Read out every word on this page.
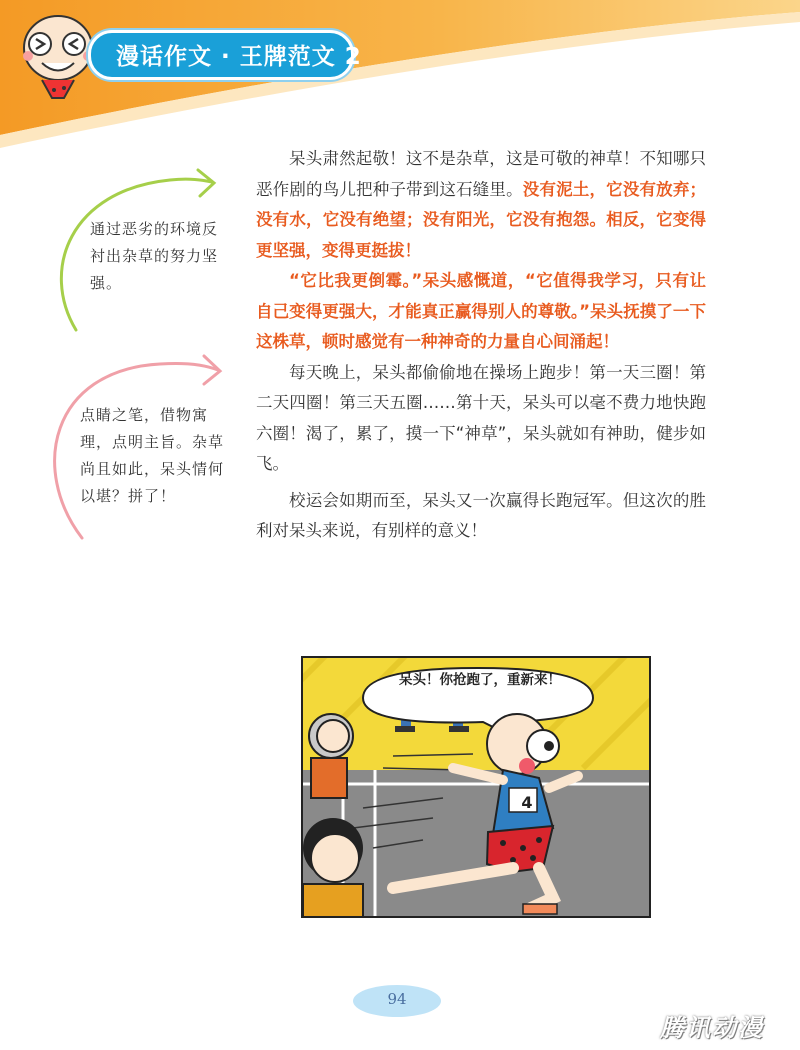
漫话作文 · 王牌范文 2
通过恶劣的环境反衬出杂草的努力坚强。
点睛之笔，借物寓理，点明主旨。杂草尚且如此，呆头情何以堪？拼了！

呆头肃然起敬！这不是杂草，这是可敬的神草！不知哪只恶作剧的鸟儿把种子带到这石缝里。没有泥土，它没有放弃；没有水，它没有绝望；没有阳光，它没有抱怨。相反，它变得更坚强，变得更挺拔！

“它比我更倒霉。”呆头感慨道，“它值得我学习，只有让自己变得更强大，才能真正赢得别人的尊敬。”呆头抚摸了一下这株草，顿时感觉有一种神奇的力量自心间涌起！

每天晚上，呆头都偷偷地在操场上跑步！第一天三圈！第二天四圈！第三天五圈……第十天，呆头可以毫不费力地快跑六圈！渴了，累了，摸一下“神草”，呆头就如有神助，健步如飞。

校运会如期而至，呆头又一次赢得长跑冠军。但这次的胜利对呆头来说，有别样的意义！

4
呆头！你抢跑了，重新来！
94
腾讯动漫
